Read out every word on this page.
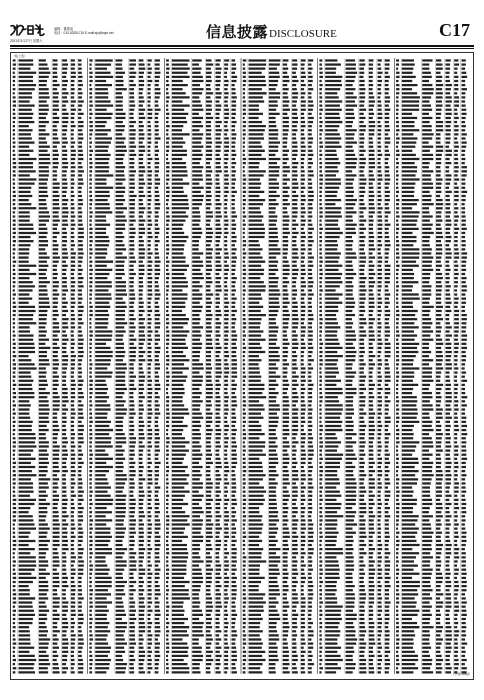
2021年3月27日 星期六
编辑：董建成
电话：010-83251716 E-mail:zjs@zqrb.net	信息披露DISCLOSURE	C17
（续上表）
（下转C18版）
